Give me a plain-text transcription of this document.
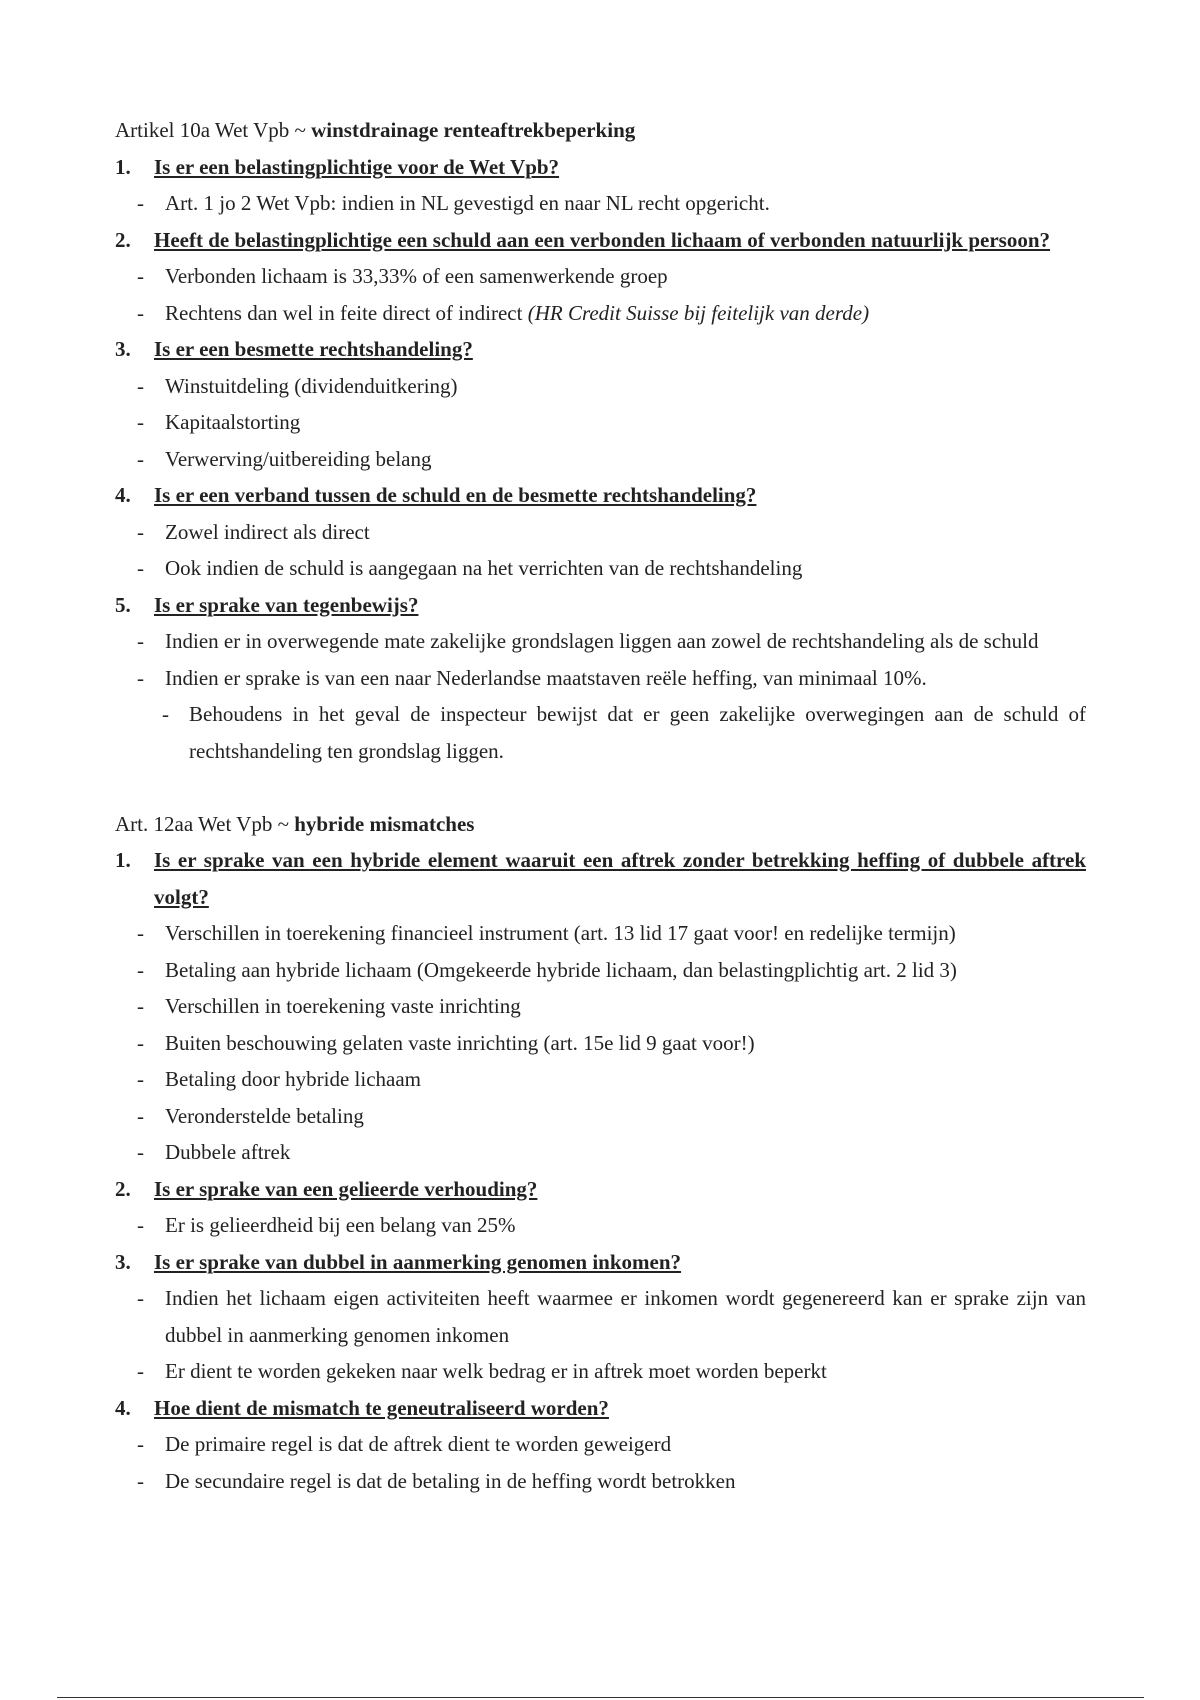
Artikel 10a Wet Vpb ~ winstdrainage renteaftrekbeperking
1. Is er een belastingplichtige voor de Wet Vpb?
- Art. 1 jo 2 Wet Vpb: indien in NL gevestigd en naar NL recht opgericht.
2. Heeft de belastingplichtige een schuld aan een verbonden lichaam of verbonden natuurlijk persoon?
- Verbonden lichaam is 33,33% of een samenwerkende groep
- Rechtens dan wel in feite direct of indirect (HR Credit Suisse bij feitelijk van derde)
3. Is er een besmette rechtshandeling?
- Winstuitdeling (dividenduitkering)
- Kapitaalstorting
- Verwerving/uitbereiding belang
4. Is er een verband tussen de schuld en de besmette rechtshandeling?
- Zowel indirect als direct
- Ook indien de schuld is aangegaan na het verrichten van de rechtshandeling
5. Is er sprake van tegenbewijs?
- Indien er in overwegende mate zakelijke grondslagen liggen aan zowel de rechtshandeling als de schuld
- Indien er sprake is van een naar Nederlandse maatstaven reële heffing, van minimaal 10%.
- Behoudens in het geval de inspecteur bewijst dat er geen zakelijke overwegingen aan de schuld of rechtshandeling ten grondslag liggen.
Art. 12aa Wet Vpb ~ hybride mismatches
1. Is er sprake van een hybride element waaruit een aftrek zonder betrekking heffing of dubbele aftrek volgt?
- Verschillen in toerekening financieel instrument (art. 13 lid 17 gaat voor! en redelijke termijn)
- Betaling aan hybride lichaam (Omgekeerde hybride lichaam, dan belastingplichtig art. 2 lid 3)
- Verschillen in toerekening vaste inrichting
- Buiten beschouwing gelaten vaste inrichting (art. 15e lid 9 gaat voor!)
- Betaling door hybride lichaam
- Veronderstelde betaling
- Dubbele aftrek
2. Is er sprake van een gelieerde verhouding?
- Er is gelieerdheid bij een belang van 25%
3. Is er sprake van dubbel in aanmerking genomen inkomen?
- Indien het lichaam eigen activiteiten heeft waarmee er inkomen wordt gegenereerd kan er sprake zijn van dubbel in aanmerking genomen inkomen
- Er dient te worden gekeken naar welk bedrag er in aftrek moet worden beperkt
4. Hoe dient de mismatch te geneutraliseerd worden?
- De primaire regel is dat de aftrek dient te worden geweigerd
- De secundaire regel is dat de betaling in de heffing wordt betrokken
